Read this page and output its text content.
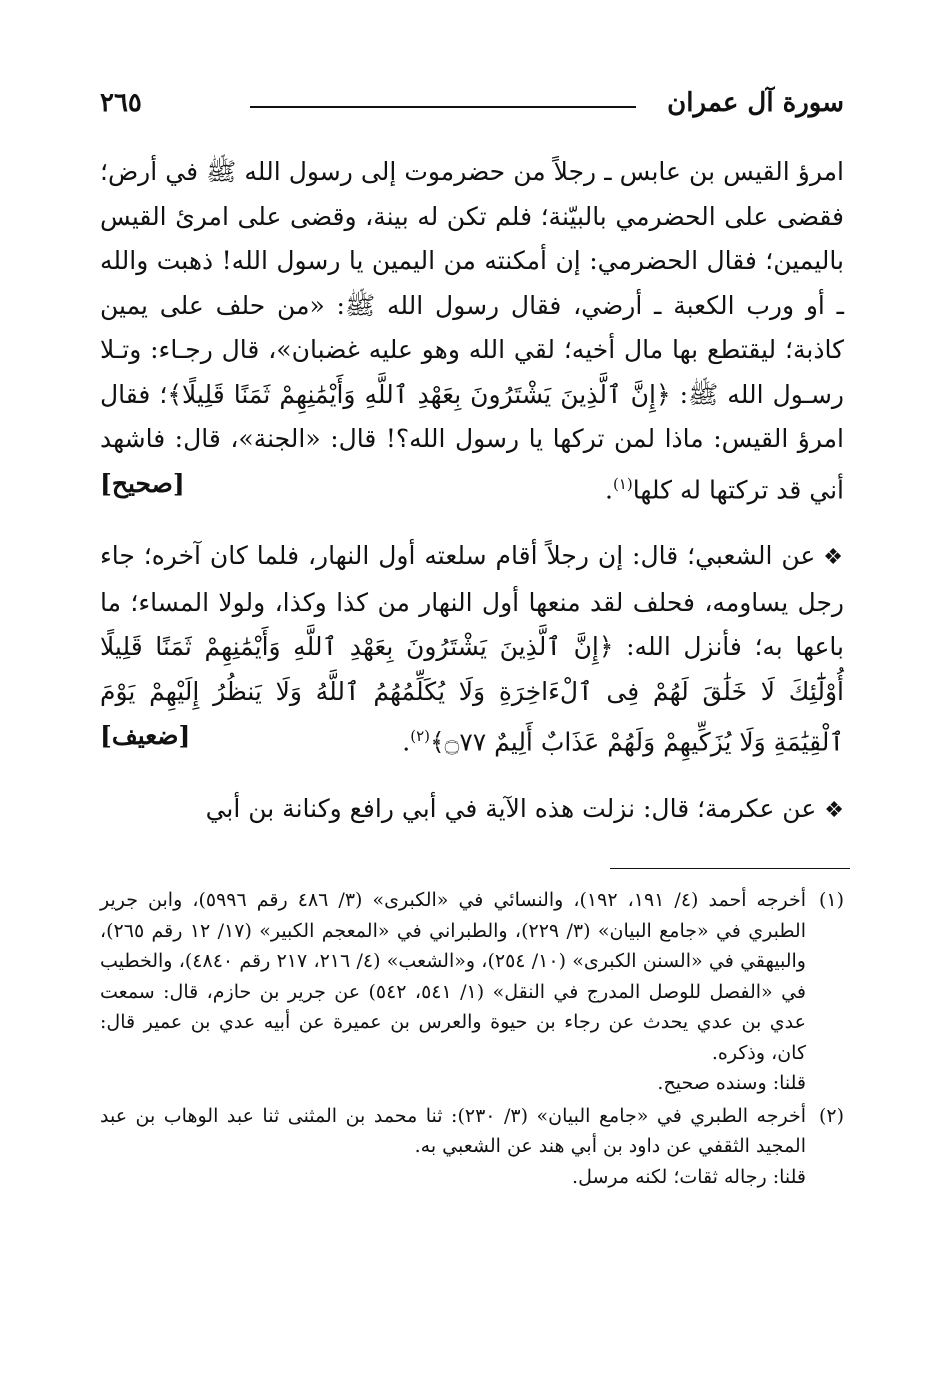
سورة آل عمران
٢٦٥

امرؤ القيس بن عابس ـ رجلاً من حضرموت إلى رسول الله ﷺ في أرض؛ فقضى على الحضرمي بالبيّنة؛ فلم تكن له بينة، وقضى على امرئ القيس باليمين؛ فقال الحضرمي: إن أمكنته من اليمين يا رسول الله! ذهبت والله ـ أو ورب الكعبة ـ أرضي، فقال رسول الله ﷺ: «من حلف على يمين كاذبة؛ ليقتطع بها مال أخيه؛ لقي الله وهو عليه غضبان»، قال رجـاء: وتـلا رسـول الله ﷺ: ﴿إِنَّ ٱلَّذِينَ يَشْتَرُونَ بِعَهْدِ ٱللَّهِ وَأَيْمَٰنِهِمْ ثَمَنًا قَلِيلًا﴾؛ فقال امرؤ القيس: ماذا لمن تركها يا رسول الله؟! قال: «الجنة»، قال: فاشهد أني قد تركتها له كلها$^{(١)}$.
[صحيح]

❖عن الشعبي؛ قال: إن رجلاً أقام سلعته أول النهار، فلما كان آخره؛ جاء رجل يساومه، فحلف لقد منعها أول النهار من كذا وكذا، ولولا المساء؛ ما باعها به؛ فأنزل الله: ﴿إِنَّ ٱلَّذِينَ يَشْتَرُونَ بِعَهْدِ ٱللَّهِ وَأَيْمَٰنِهِمْ ثَمَنًا قَلِيلًا أُوْلَٰٓئِكَ لَا خَلَٰقَ لَهُمْ فِى ٱلْءَاخِرَةِ وَلَا يُكَلِّمُهُمُ ٱللَّهُ وَلَا يَنظُرُ إِلَيْهِمْ يَوْمَ ٱلْقِيَٰمَةِ وَلَا يُزَكِّيهِمْ وَلَهُمْ عَذَابٌ أَلِيمٌ ۝٧٧﴾$^{(٢)}$.
[ضعيف]

❖عن عكرمة؛ قال: نزلت هذه الآية في أبي رافع وكنانة بن أبي

(١)

أخرجه أحمد (٤/ ١٩١، ١٩٢)، والنسائي في «الكبرى» (٣/ ٤٨٦ رقم ٥٩٩٦)، وابن جرير الطبري في «جامع البيان» (٣/ ٢٢٩)، والطبراني في «المعجم الكبير» (١٧/ ١٢ رقم ٢٦٥)، والبيهقي في «السنن الكبرى» (١٠/ ٢٥٤)، و«الشعب» (٤/ ٢١٦، ٢١٧ رقم ٤٨٤٠)، والخطيب في «الفصل للوصل المدرج في النقل» (١/ ٥٤١، ٥٤٢) عن جرير بن حازم، قال: سمعت عدي بن عدي يحدث عن رجاء بن حيوة والعرس بن عميرة عن أبيه عدي بن عمير قال: كان، وذكره.

قلنا: وسنده صحيح.

(٢)

أخرجه الطبري في «جامع البيان» (٣/ ٢٣٠): ثنا محمد بن المثنى ثنا عبد الوهاب بن عبد المجيد الثقفي عن داود بن أبي هند عن الشعبي به.

قلنا: رجاله ثقات؛ لكنه مرسل.
